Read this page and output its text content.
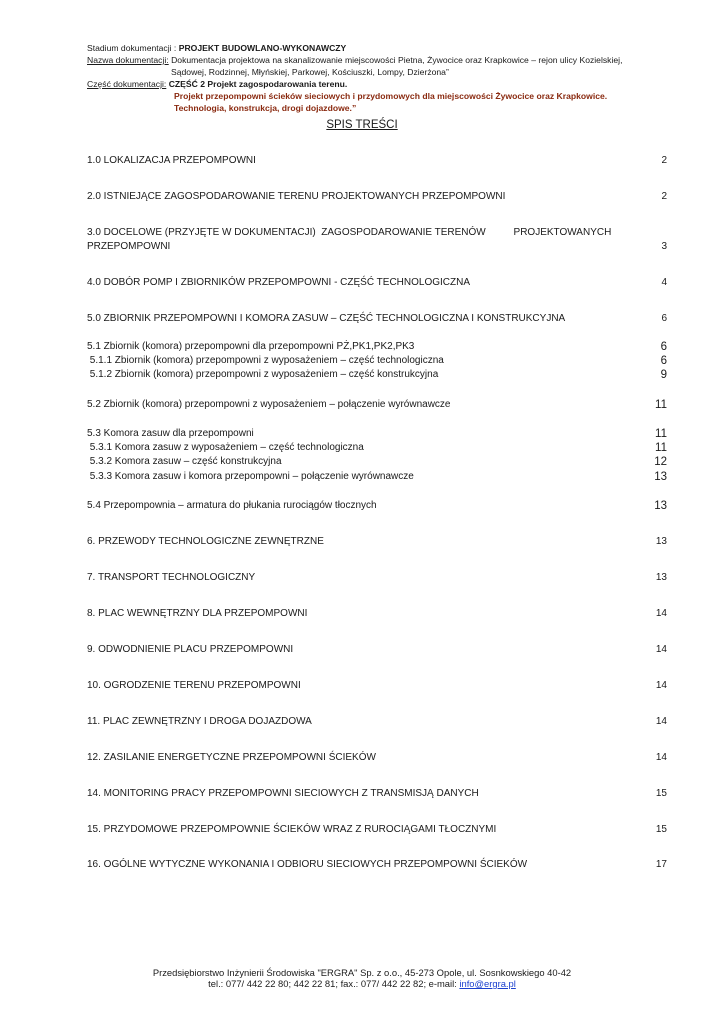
Stadium dokumentacji : PROJEKT BUDOWLANO-WYKONAWCZY
Nazwa dokumentacji: Dokumentacja projektowa na skanalizowanie miejscowości Pietna, Żywocice oraz Krapkowice – rejon ulicy Kozielskiej,
Sądowej, Rodzinnej, Młyńskiej, Parkowej, Kościuszki, Lompy, Dzierżona”
Część dokumentacji: CZĘŚĆ 2 Projekt zagospodarowania terenu.
Projekt przepompowni ścieków sieciowych i przydomowych dla miejscowości Żywocice oraz Krapkowice.
Technologia, konstrukcja, drogi dojazdowe.”
SPIS TREŚCI
1.0 LOKALIZACJA PRZEPOMPOWNI	2
2.0 ISTNIEJĄCE ZAGOSPODAROWANIE TERENU PROJEKTOWANYCH PRZEPOMPOWNI	2
3.0 DOCELOWE (PRZYJĘTE W DOKUMENTACJI)  ZAGOSPODAROWANIE TERENÓW          PROJEKTOWANYCH PRZEPOMPOWNI	3
4.0 DOBÓR POMP I ZBIORNIKÓW PRZEPOMPOWNI - CZĘŚĆ TECHNOLOGICZNA	4
5.0 ZBIORNIK PRZEPOMPOWNI I KOMORA ZASUW – CZĘŚĆ TECHNOLOGICZNA I KONSTRUKCYJNA	6
5.1 Zbiornik (komora) przepompowni dla przepompowni PŻ,PK1,PK2,PK3	6
5.1.1 Zbiornik (komora) przepompowni z wyposażeniem – część technologiczna	6
5.1.2 Zbiornik (komora) przepompowni z wyposażeniem – część konstrukcyjna	9
5.2 Zbiornik (komora) przepompowni z wyposażeniem – połączenie wyrównawcze	11
5.3 Komora zasuw dla przepompowni	11
5.3.1 Komora zasuw z wyposażeniem – część technologiczna	11
5.3.2 Komora zasuw – część konstrukcyjna	12
5.3.3 Komora zasuw i komora przepompowni – połączenie wyrównawcze	13
5.4 Przepompownia – armatura do płukania rurociągów tłocznych	13
6. PRZEWODY TECHNOLOGICZNE ZEWNĘTRZNE	13
7. TRANSPORT TECHNOLOGICZNY	13
8. PLAC WEWNĘTRZNY DLA PRZEPOMPOWNI	14
9. ODWODNIENIE PLACU PRZEPOMPOWNI	14
10. OGRODZENIE TERENU PRZEPOMPOWNI	14
11. PLAC ZEWNĘTRZNY I DROGA DOJAZDOWA	14
12. ZASILANIE ENERGETYCZNE PRZEPOMPOWNI ŚCIEKÓW	14
14. MONITORING PRACY PRZEPOMPOWNI SIECIOWYCH Z TRANSMISJĄ DANYCH	15
15. PRZYDOMOWE PRZEPOMPOWNIE ŚCIEKÓW WRAZ Z RUROCIĄGAMI TŁOCZNYMI	15
16. OGÓLNE WYTYCZNE WYKONANIA I ODBIORU SIECIOWYCH PRZEPOMPOWNI ŚCIEKÓW	17
Przedsiębiorstwo Inżynierii Środowiska "ERGRA" Sp. z o.o., 45-273 Opole, ul. Sosnkowskiego 40-42
tel.: 077/ 442 22 80; 442 22 81; fax.: 077/ 442 22 82; e-mail: info@ergra.pl
